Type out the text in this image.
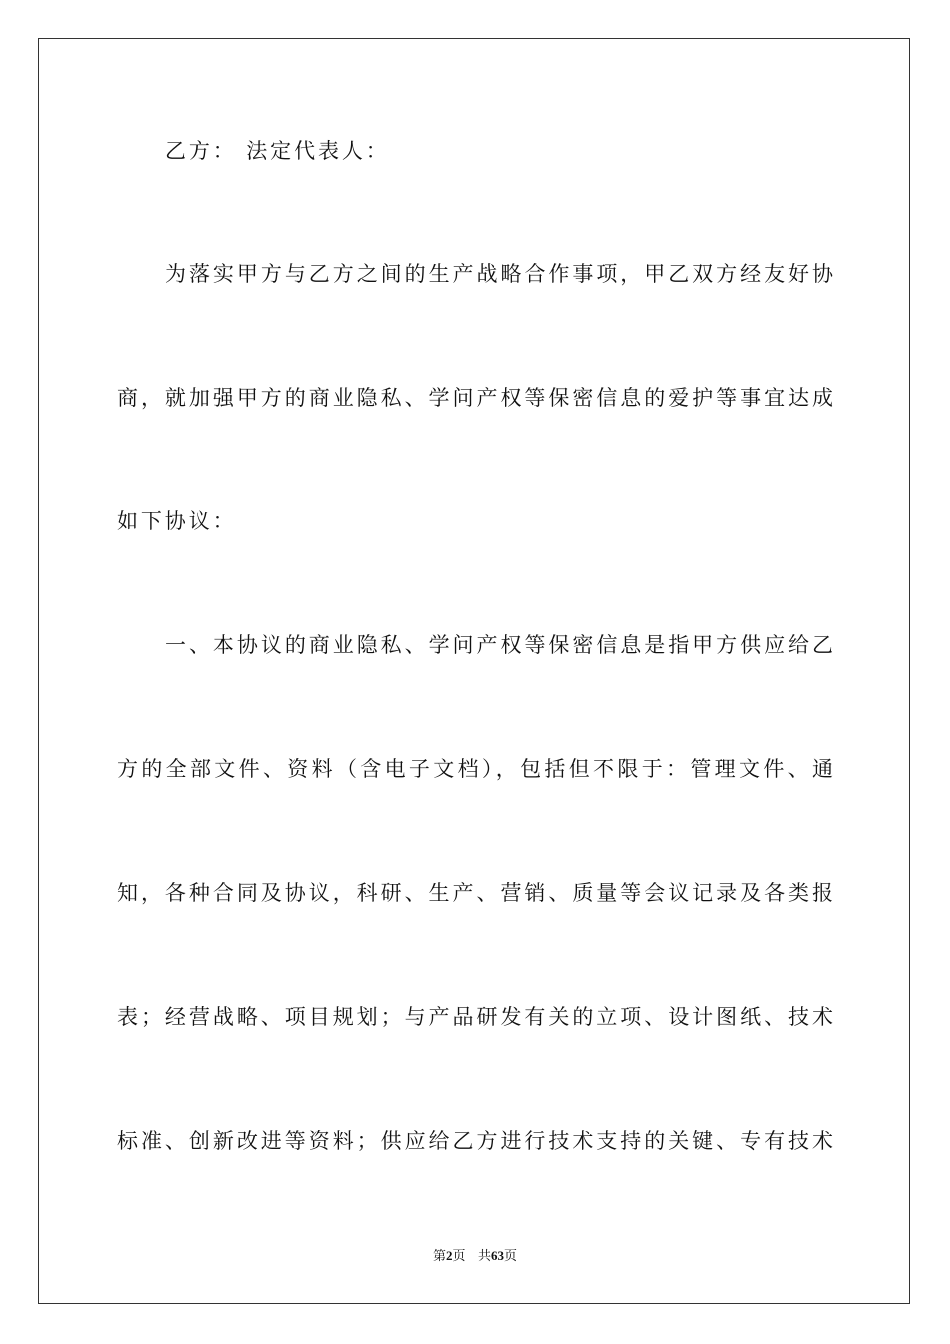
乙方： 法定代表人：
为落实甲方与乙方之间的生产战略合作事项，甲乙双方经友好协
商，就加强甲方的商业隐私、学问产权等保密信息的爱护等事宜达成
如下协议：
一、本协议的商业隐私、学问产权等保密信息是指甲方供应给乙
方的全部文件、资料（含电子文档），包括但不限于：管理文件、通
知，各种合同及协议，科研、生产、营销、质量等会议记录及各类报
表；经营战略、项目规划；与产品研发有关的立项、设计图纸、技术
标准、创新改进等资料；供应给乙方进行技术支持的关键、专有技术
第2页 共63页
